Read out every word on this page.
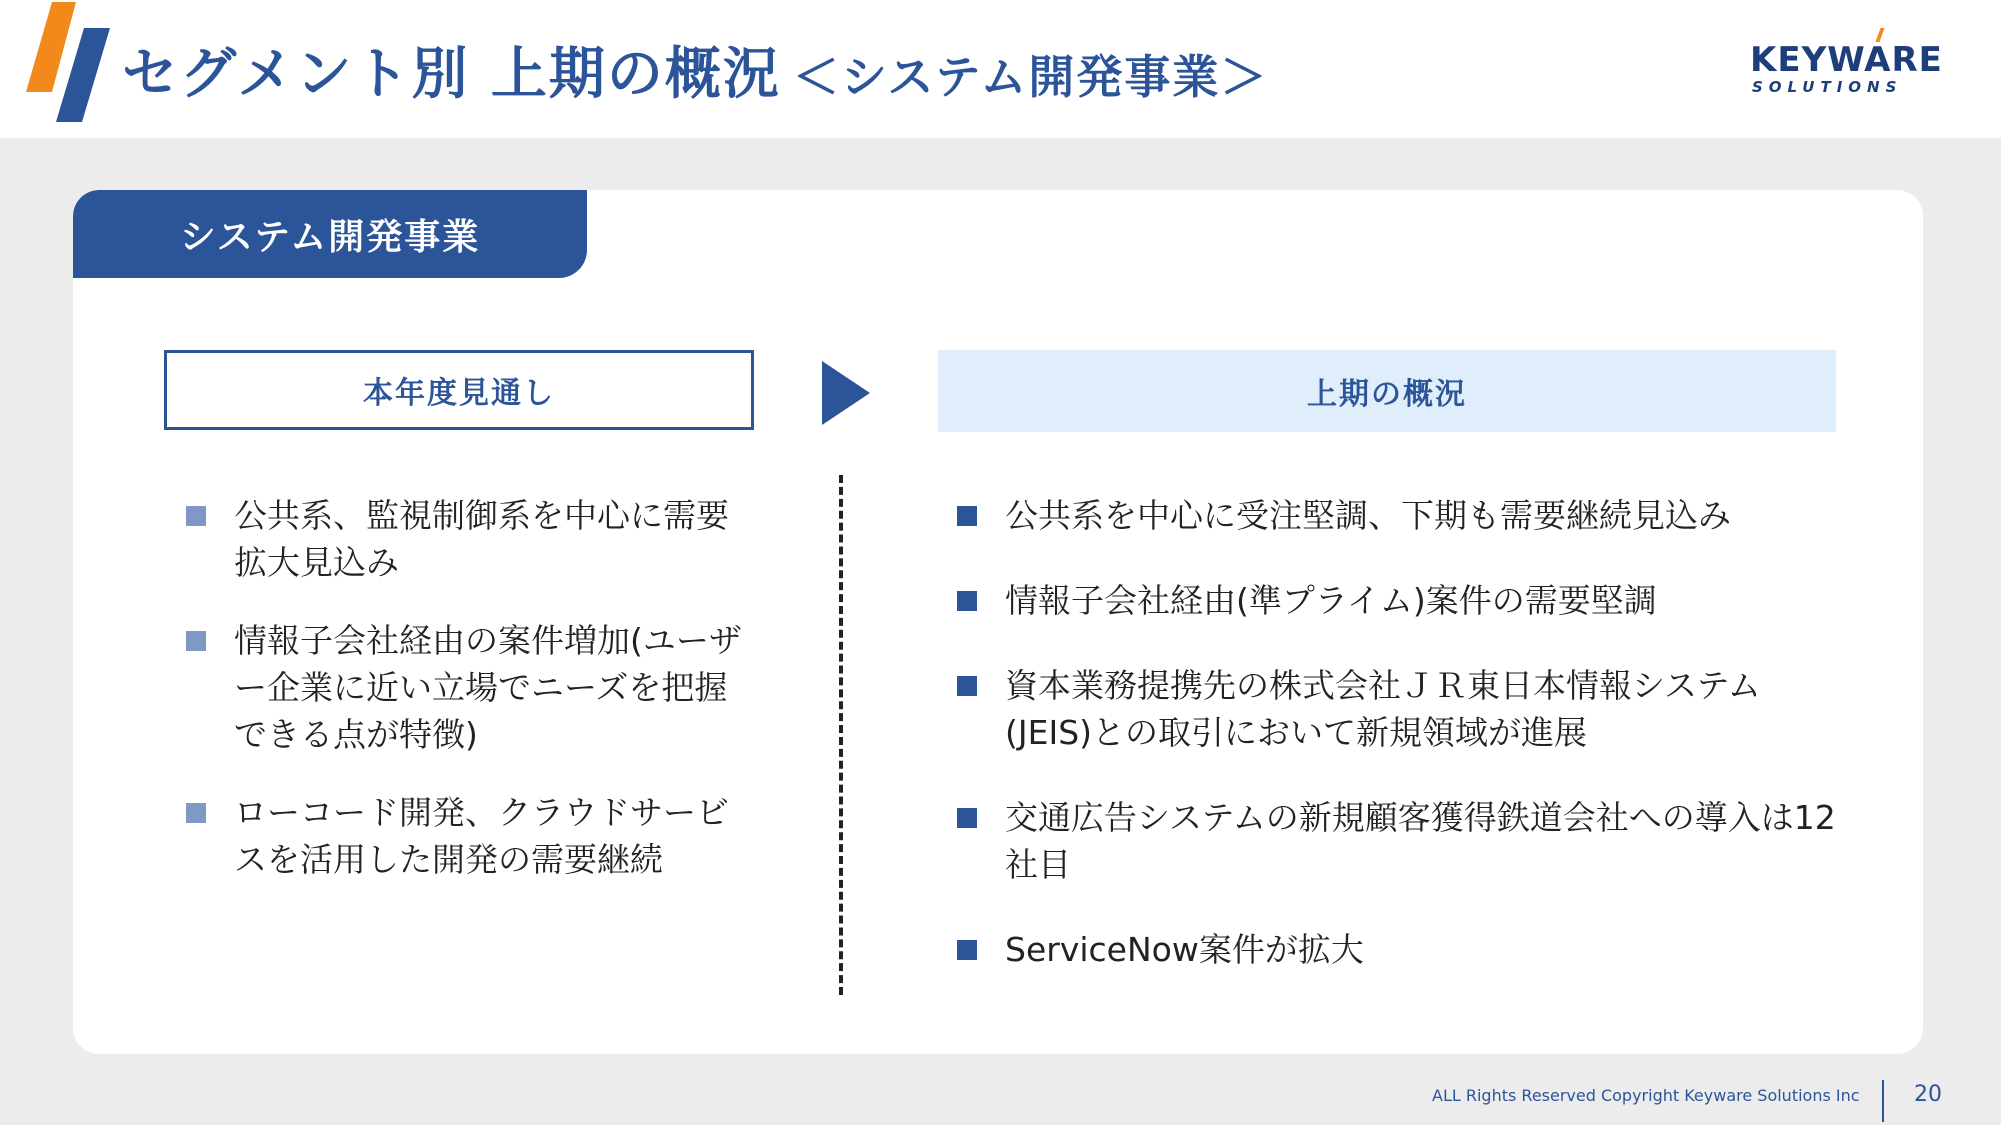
セグメント別 上期の概況 ＜システム開発事業＞	KEYWARE
SOLUTIONS
システム開発事業
本年度見通し	上期の概況
公共系、監視制御系を中心に需要拡大見込み
情報子会社経由の案件増加(ユーザー企業に近い立場でニーズを把握できる点が特徴)
ローコード開発、クラウドサービスを活用した開発の需要継続
公共系を中心に受注堅調、下期も需要継続見込み
情報子会社経由(準プライム)案件の需要堅調
資本業務提携先の株式会社ＪＲ東日本情報システム(JEIS)との取引において新規領域が進展
交通広告システムの新規顧客獲得鉄道会社への導入は12社目
ServiceNow案件が拡大
ALL Rights Reserved Copyright Keyware Solutions Inc 20
